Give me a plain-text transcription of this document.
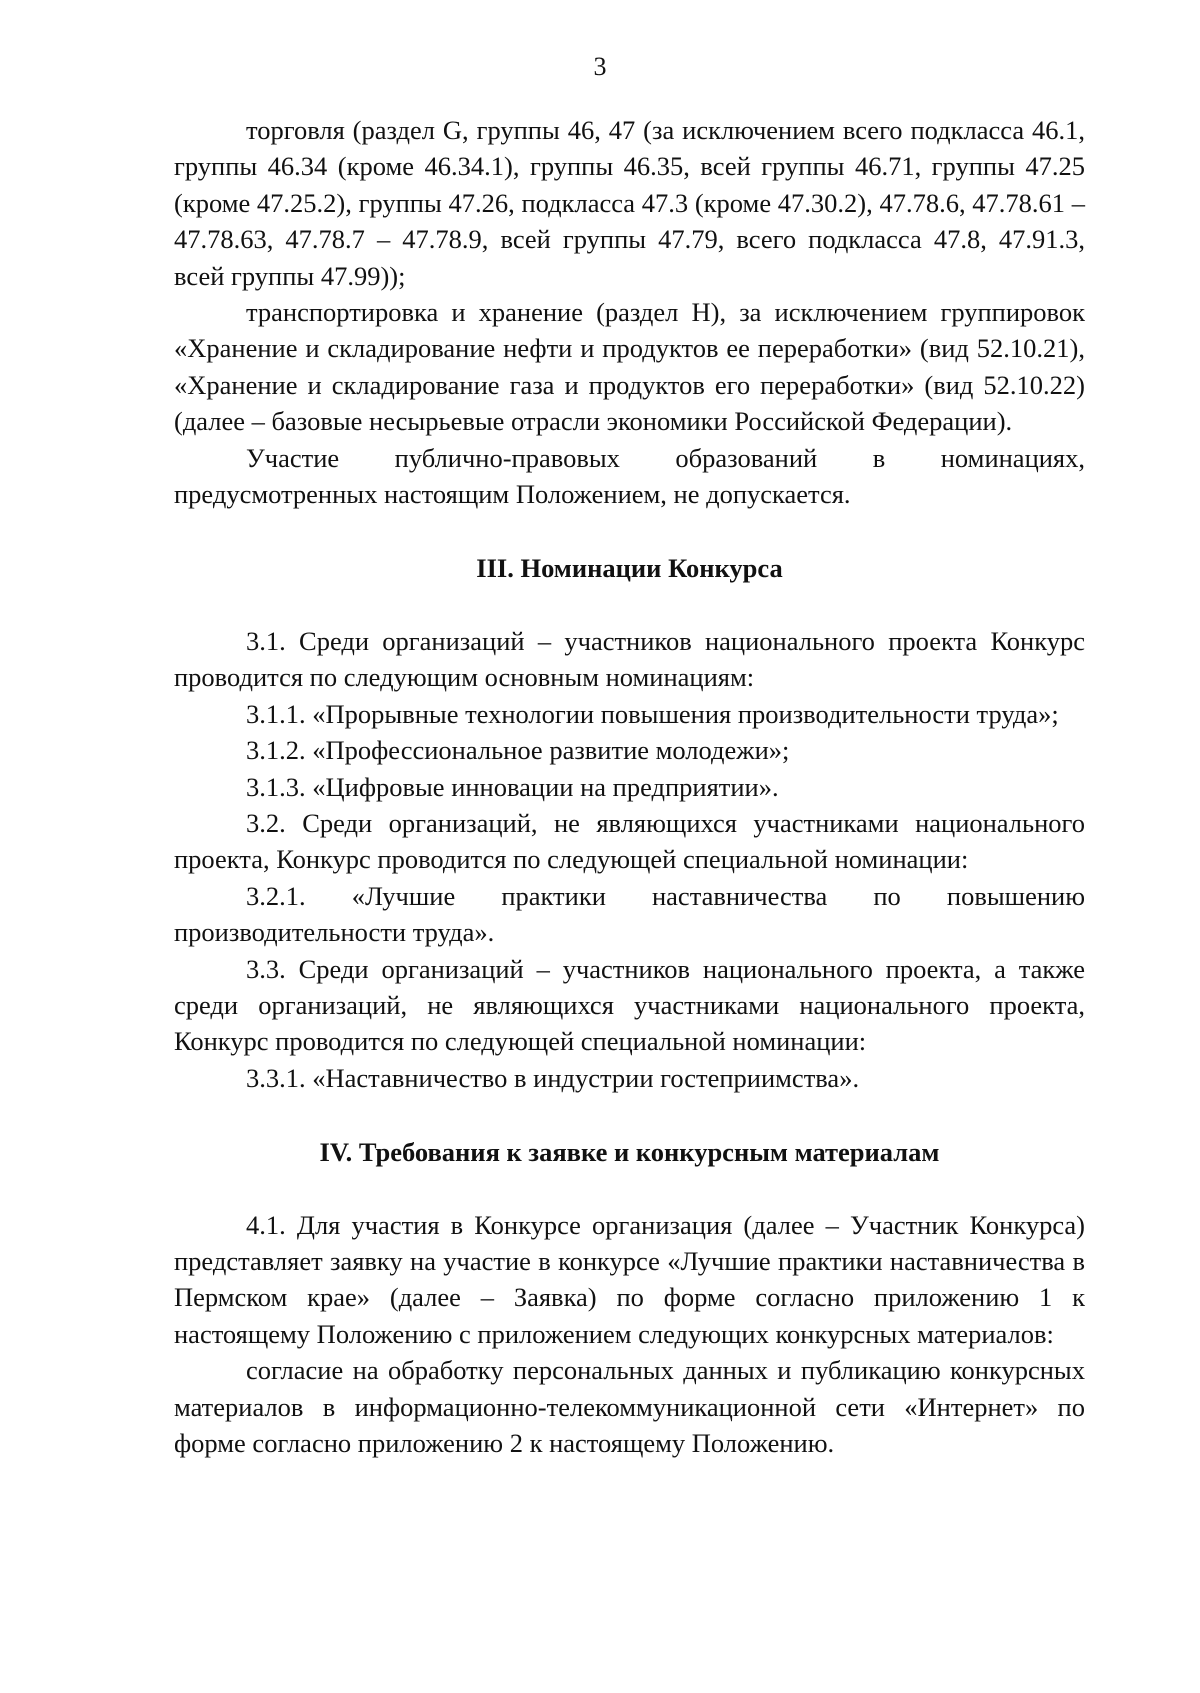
3

торговля (раздел G, группы 46, 47 (за исключением всего подкласса 46.1, группы 46.34 (кроме 46.34.1), группы 46.35, всей группы 46.71, группы 47.25 (кроме 47.25.2), группы 47.26, подкласса 47.3 (кроме 47.30.2), 47.78.6, 47.78.61 – 47.78.63, 47.78.7 – 47.78.9, всей группы 47.79, всего подкласса 47.8, 47.91.3, всей группы 47.99));

транспортировка и хранение (раздел H), за исключением группировок «Хранение и складирование нефти и продуктов ее переработки» (вид 52.10.21), «Хранение и складирование газа и продуктов его переработки» (вид 52.10.22) (далее – базовые несырьевые отрасли экономики Российской Федерации).

Участие публично-правовых образований в номинациях, предусмотренных настоящим Положением, не допускается.

III. Номинации Конкурса

3.1. Среди организаций – участников национального проекта Конкурс проводится по следующим основным номинациям:

3.1.1. «Прорывные технологии повышения производительности труда»;

3.1.2. «Профессиональное развитие молодежи»;

3.1.3. «Цифровые инновации на предприятии».

3.2. Среди организаций, не являющихся участниками национального проекта, Конкурс проводится по следующей специальной номинации:

3.2.1. «Лучшие практики наставничества по повышению производительности труда».

3.3. Среди организаций – участников национального проекта, а также среди организаций, не являющихся участниками национального проекта, Конкурс проводится по следующей специальной номинации:

3.3.1. «Наставничество в индустрии гостеприимства».

IV. Требования к заявке и конкурсным материалам

4.1. Для участия в Конкурсе организация (далее – Участник Конкурса) представляет заявку на участие в конкурсе «Лучшие практики наставничества в Пермском крае» (далее – Заявка) по форме согласно приложению 1 к настоящему Положению с приложением следующих конкурсных материалов:

согласие на обработку персональных данных и публикацию конкурсных материалов в информационно-телекоммуникационной сети «Интернет» по форме согласно приложению 2 к настоящему Положению.
